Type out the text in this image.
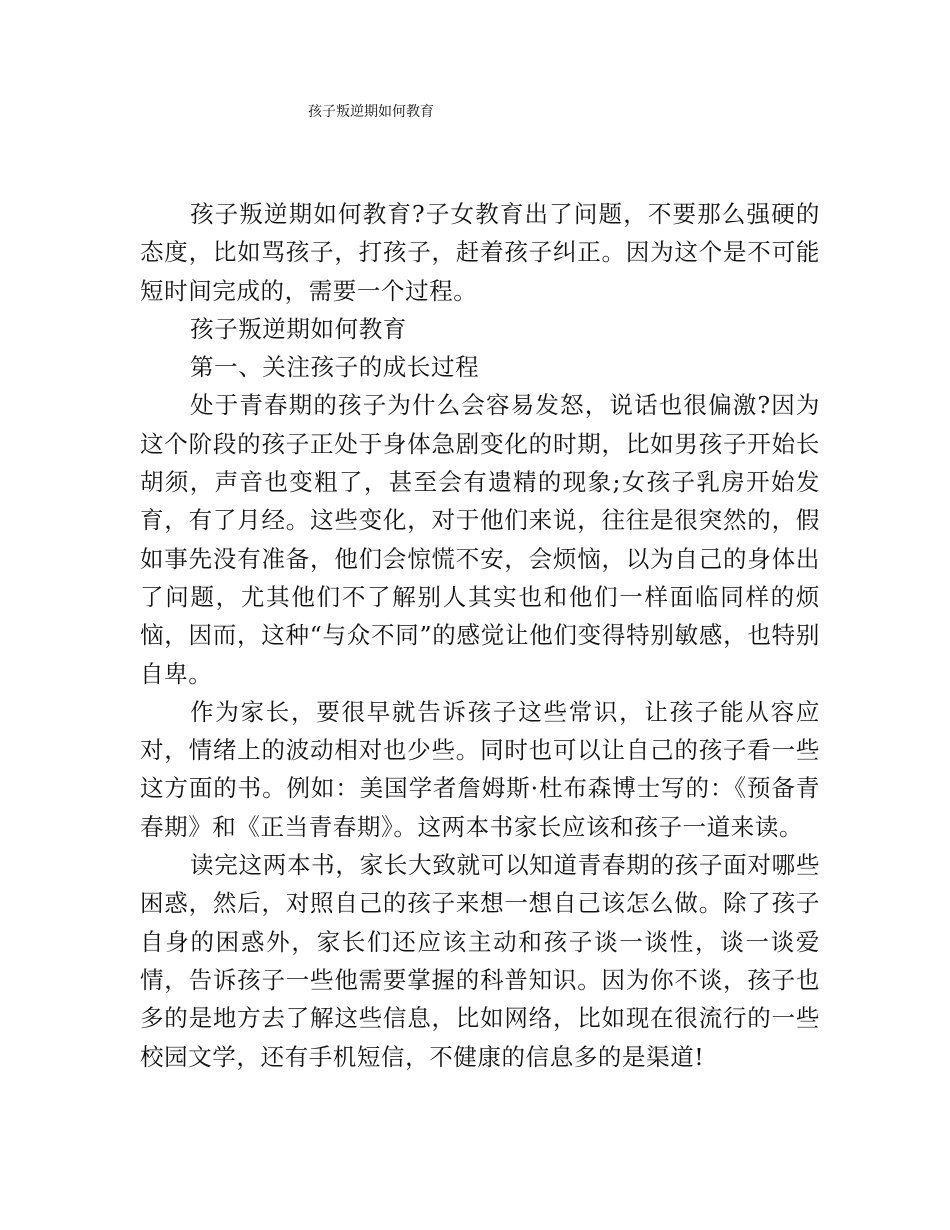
孩子叛逆期如何教育

孩子叛逆期如何教育?子女教育出了问题，不要那么强硬的态度，比如骂孩子，打孩子，赶着孩子纠正。因为这个是不可能短时间完成的，需要一个过程。

孩子叛逆期如何教育

第一、关注孩子的成长过程

处于青春期的孩子为什么会容易发怒，说话也很偏激?因为这个阶段的孩子正处于身体急剧变化的时期，比如男孩子开始长胡须，声音也变粗了，甚至会有遗精的现象;女孩子乳房开始发育，有了月经。这些变化，对于他们来说，往往是很突然的，假如事先没有准备，他们会惊慌不安，会烦恼，以为自己的身体出了问题，尤其他们不了解别人其实也和他们一样面临同样的烦恼，因而，这种“与众不同”的感觉让他们变得特别敏感，也特别自卑。

作为家长，要很早就告诉孩子这些常识，让孩子能从容应对，情绪上的波动相对也少些。同时也可以让自己的孩子看一些这方面的书。例如：美国学者詹姆斯·杜布森博士写的：《预备青春期》和《正当青春期》。这两本书家长应该和孩子一道来读。

读完这两本书，家长大致就可以知道青春期的孩子面对哪些困惑，然后，对照自己的孩子来想一想自己该怎么做。除了孩子自身的困惑外，家长们还应该主动和孩子谈一谈性，谈一谈爱情，告诉孩子一些他需要掌握的科普知识。因为你不谈，孩子也多的是地方去了解这些信息，比如网络，比如现在很流行的一些校园文学，还有手机短信，不健康的信息多的是渠道!
